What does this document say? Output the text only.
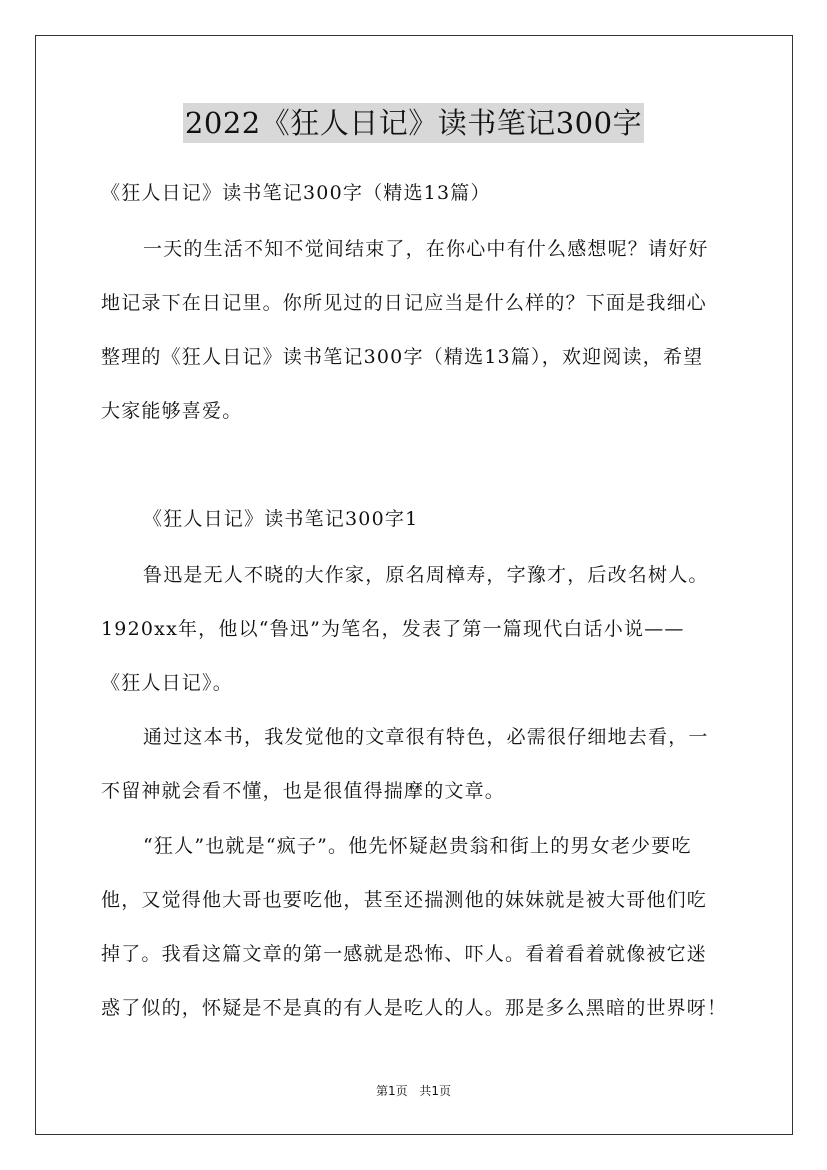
2022《狂人日记》读书笔记300字
《狂人日记》读书笔记300字（精选13篇）
一天的生活不知不觉间结束了，在你心中有什么感想呢？请好好
地记录下在日记里。你所见过的日记应当是什么样的？下面是我细心
整理的《狂人日记》读书笔记300字（精选13篇），欢迎阅读，希望
大家能够喜爱。
《狂人日记》读书笔记300字1
鲁迅是无人不晓的大作家，原名周樟寿，字豫才，后改名树人。
1920xx年，他以“鲁迅”为笔名，发表了第一篇现代白话小说——
《狂人日记》。
通过这本书，我发觉他的文章很有特色，必需很仔细地去看，一
不留神就会看不懂，也是很值得揣摩的文章。
“狂人”也就是“疯子”。他先怀疑赵贵翁和街上的男女老少要吃
他，又觉得他大哥也要吃他，甚至还揣测他的妹妹就是被大哥他们吃
掉了。我看这篇文章的第一感就是恐怖、吓人。看着看着就像被它迷
惑了似的，怀疑是不是真的有人是吃人的人。那是多么黑暗的世界呀！
第1页 共1页
